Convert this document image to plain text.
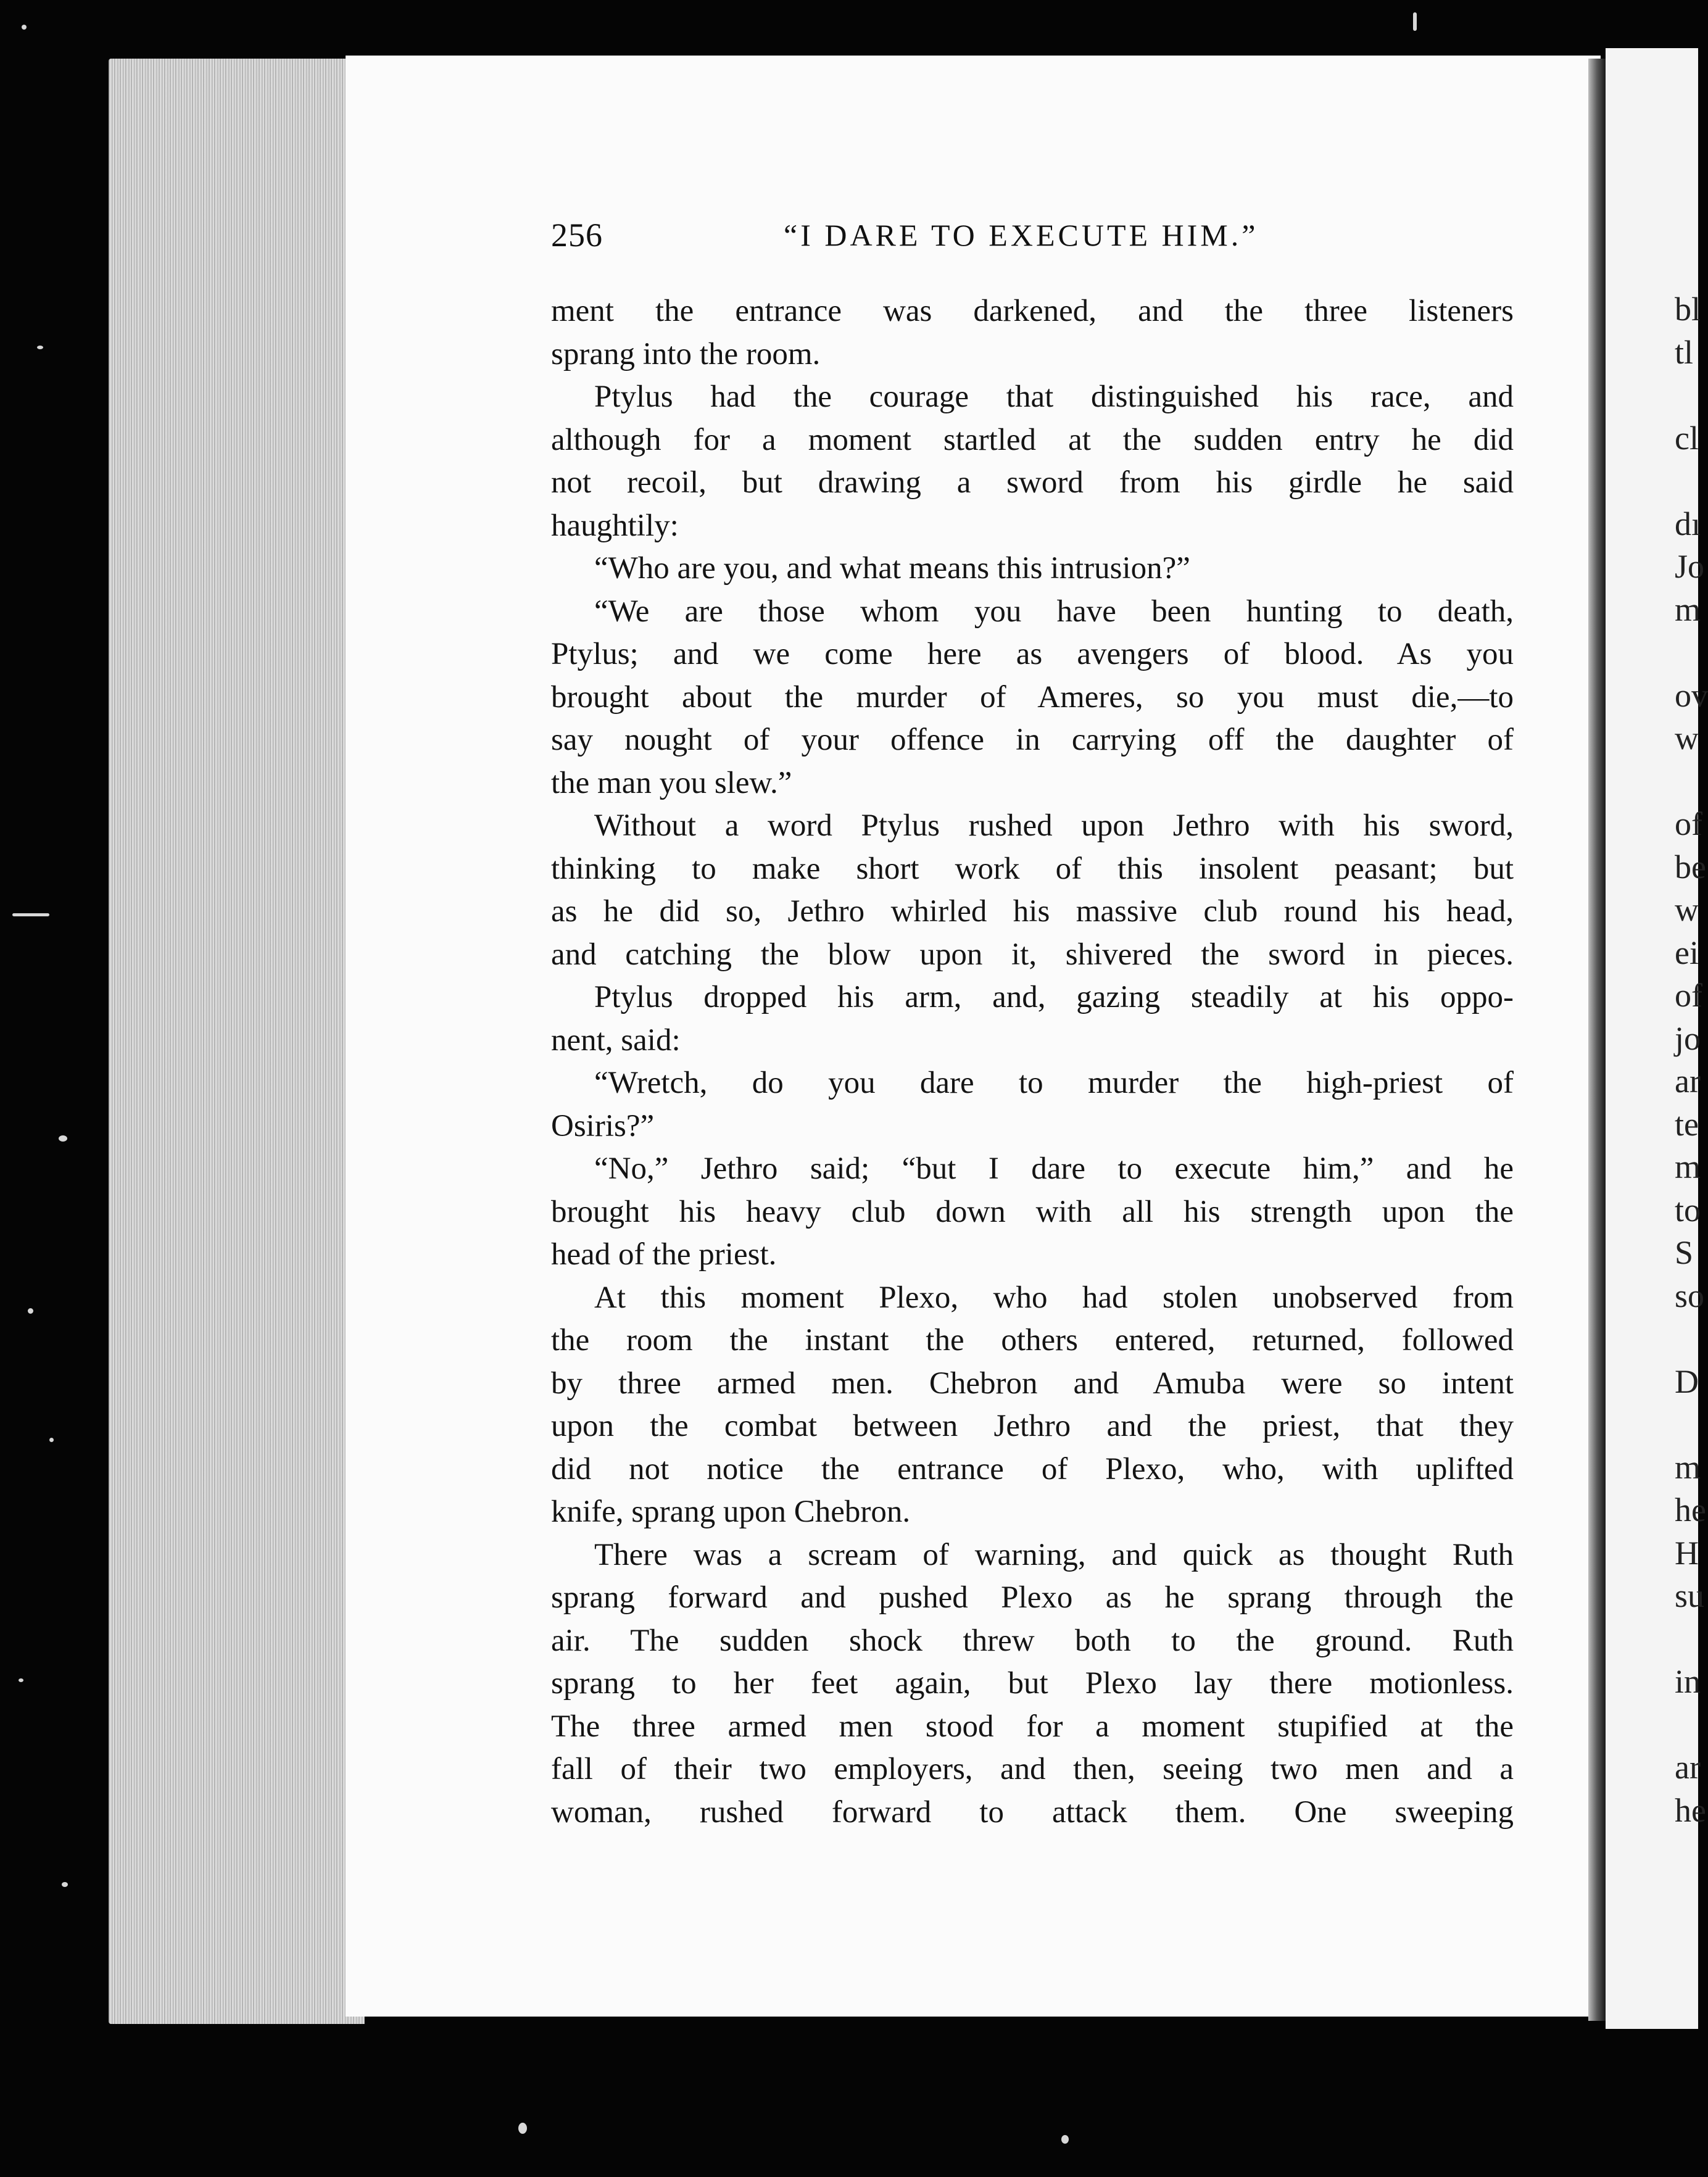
bl
tl
cl
dı
Jo
m
ov
w
of
be
w
ei
of
jo
ar
te
m
to
S
so
D
m
he
H
su
in
ar
he
256	“I DARE TO EXECUTE HIM.”
ment the entrance was darkened, and the three listeners
sprang into the room.
Ptylus had the courage that distinguished his race, and
although for a moment startled at the sudden entry he did
not recoil, but drawing a sword from his girdle he said
haughtily:
“Who are you, and what means this intrusion?”
“We are those whom you have been hunting to death,
Ptylus; and we come here as avengers of blood. As you
brought about the murder of Ameres, so you must die,—to
say nought of your offence in carrying off the daughter of
the man you slew.”
Without a word Ptylus rushed upon Jethro with his sword,
thinking to make short work of this insolent peasant; but
as he did so, Jethro whirled his massive club round his head,
and catching the blow upon it, shivered the sword in pieces.
Ptylus dropped his arm, and, gazing steadily at his oppo-
nent, said:
“Wretch, do you dare to murder the high-priest of
Osiris?”
“No,” Jethro said; “but I dare to execute him,” and he
brought his heavy club down with all his strength upon the
head of the priest.
At this moment Plexo, who had stolen unobserved from
the room the instant the others entered, returned, followed
by three armed men. Chebron and Amuba were so intent
upon the combat between Jethro and the priest, that they
did not notice the entrance of Plexo, who, with uplifted
knife, sprang upon Chebron.
There was a scream of warning, and quick as thought Ruth
sprang forward and pushed Plexo as he sprang through the
air. The sudden shock threw both to the ground. Ruth
sprang to her feet again, but Plexo lay there motionless.
The three armed men stood for a moment stupified at the
fall of their two employers, and then, seeing two men and a
woman, rushed forward to attack them. One sweeping
